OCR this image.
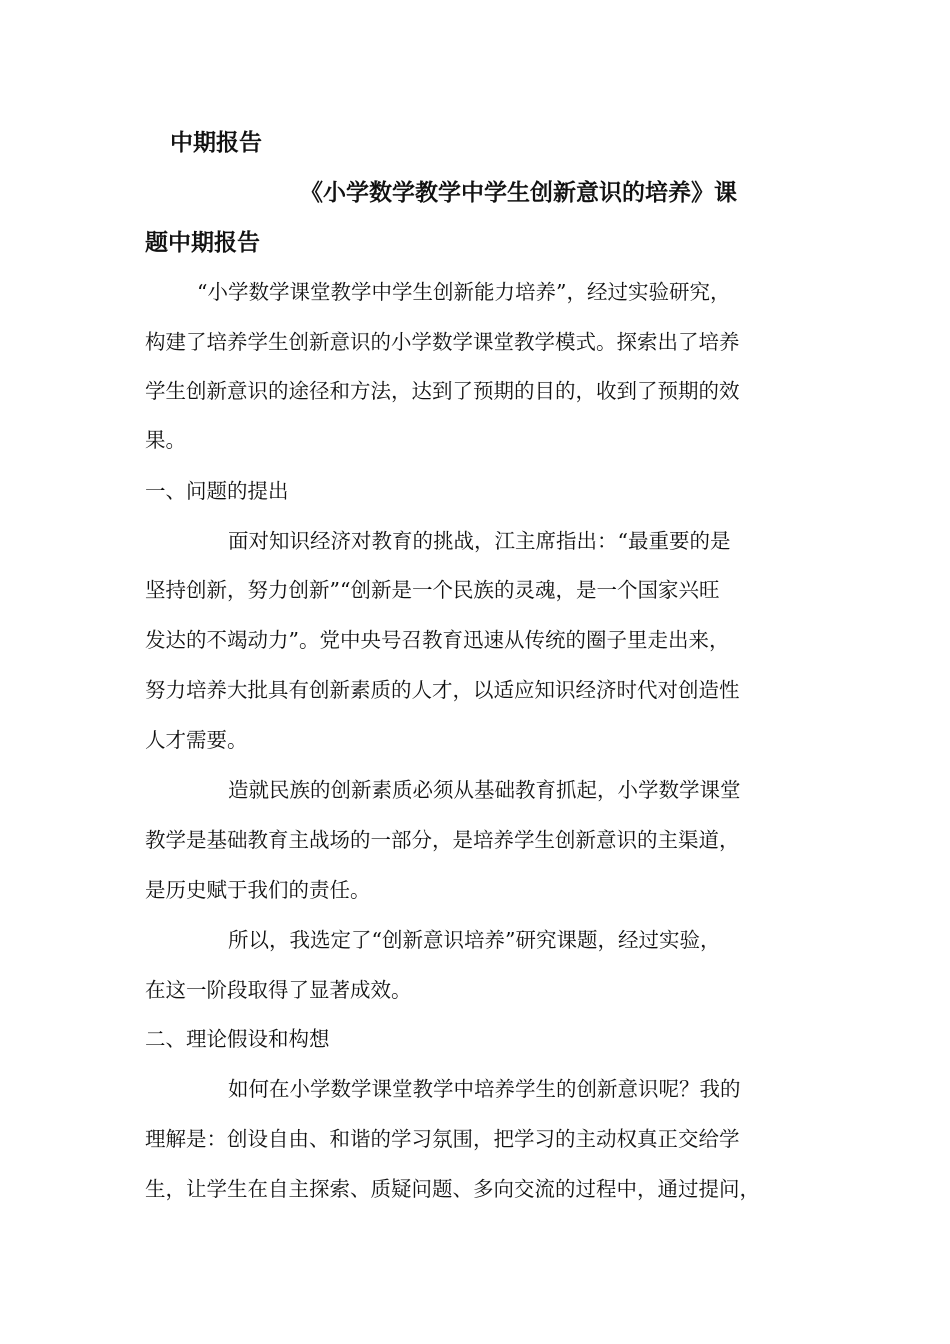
中期报告
《小学数学教学中学生创新意识的培养》课
题中期报告

“小学数学课堂教学中学生创新能力培养”，经过实验研究，

构建了培养学生创新意识的小学数学课堂教学模式。探索出了培养

学生创新意识的途径和方法，达到了预期的目的，收到了预期的效

果。

一、问题的提出

面对知识经济对教育的挑战，江主席指出：“最重要的是

坚持创新，努力创新”“创新是一个民族的灵魂，是一个国家兴旺

发达的不竭动力”。党中央号召教育迅速从传统的圈子里走出来，

努力培养大批具有创新素质的人才，以适应知识经济时代对创造性

人才需要。

造就民族的创新素质必须从基础教育抓起，小学数学课堂

教学是基础教育主战场的一部分，是培养学生创新意识的主渠道，

是历史赋于我们的责任。

所以，我选定了“创新意识培养”研究课题，经过实验，

在这一阶段取得了显著成效。

二、理论假设和构想

如何在小学数学课堂教学中培养学生的创新意识呢？我的

理解是：创设自由、和谐的学习氛围，把学习的主动权真正交给学

生，让学生在自主探索、质疑问题、多向交流的过程中，通过提问，
